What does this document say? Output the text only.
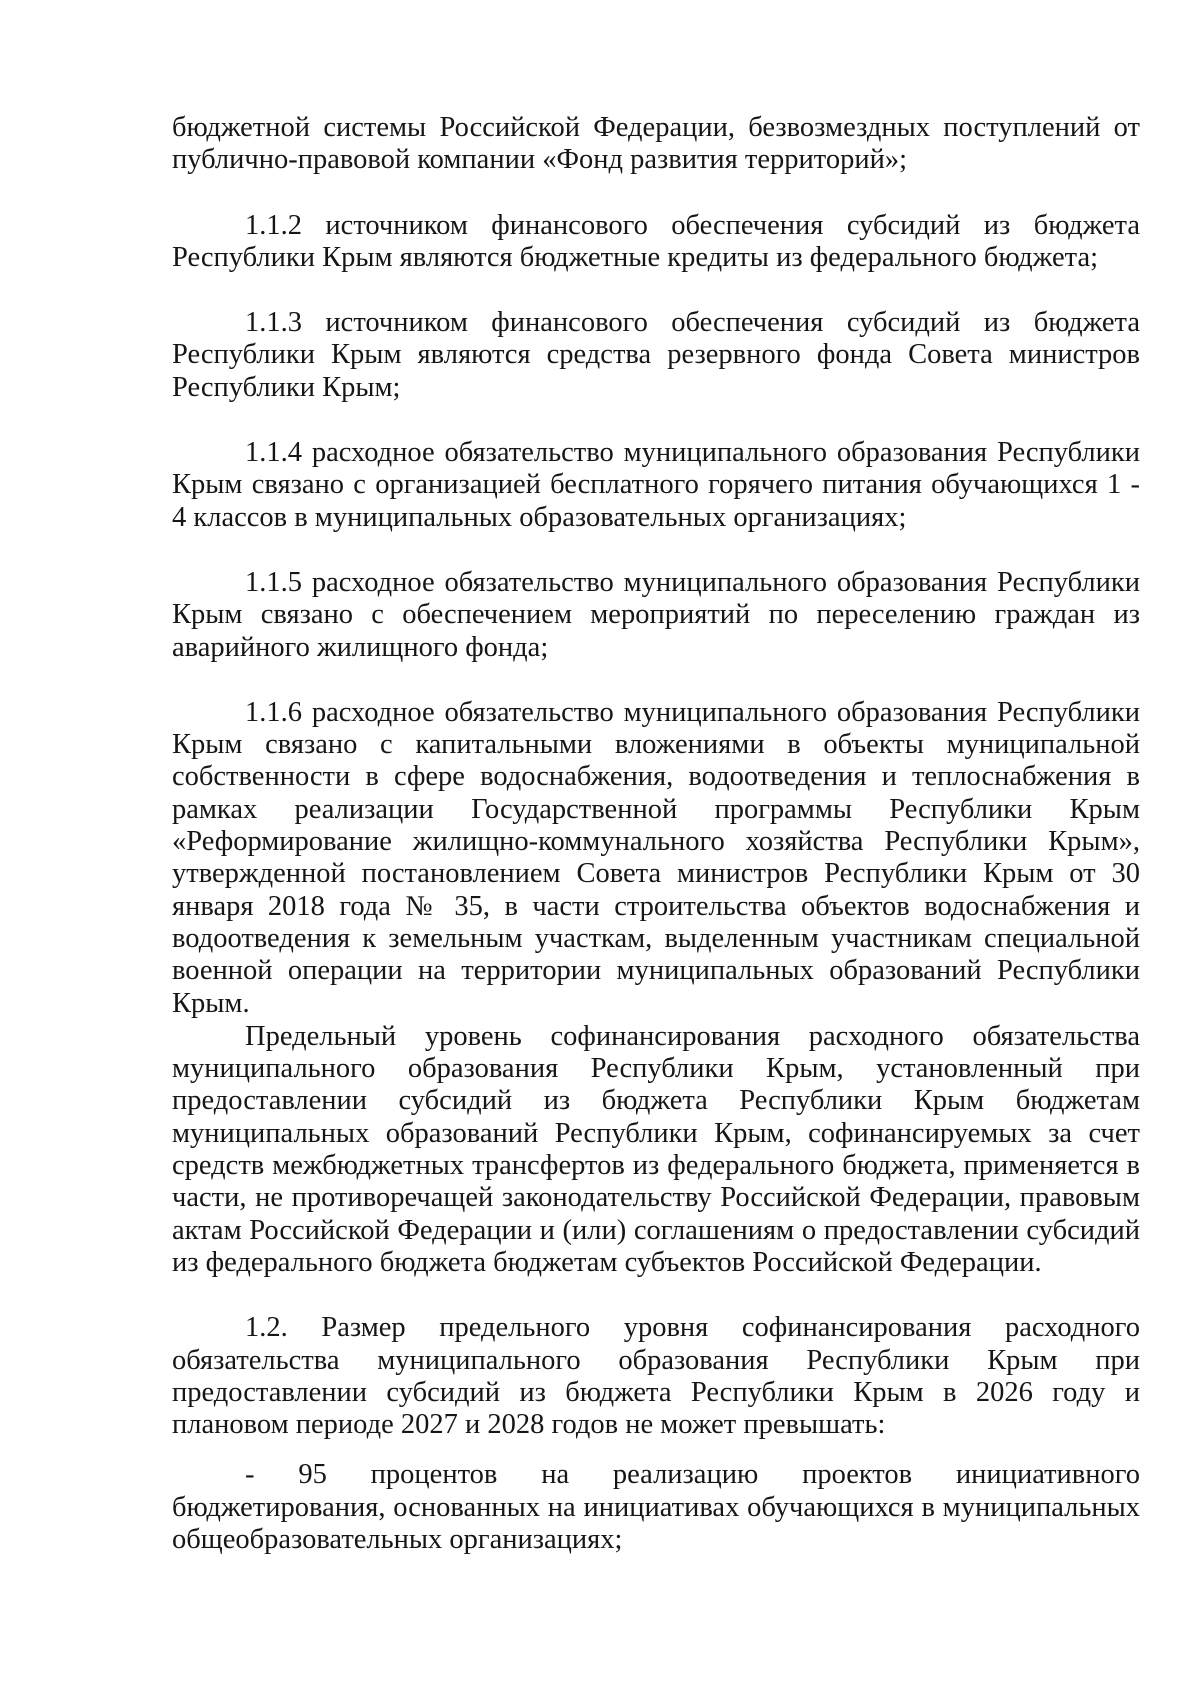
бюджетной системы Российской Федерации, безвозмездных поступлений от публично-правовой компании «Фонд развития территорий»;

1.1.2 источником финансового обеспечения субсидий из бюджета Республики Крым являются бюджетные кредиты из федерального бюджета;

1.1.3 источником финансового обеспечения субсидий из бюджета Республики Крым являются средства резервного фонда Совета министров Республики Крым;

1.1.4 расходное обязательство муниципального образования Республики Крым связано с организацией бесплатного горячего питания обучающихся 1 - 4 классов в муниципальных образовательных организациях;

1.1.5 расходное обязательство муниципального образования Республики Крым связано с обеспечением мероприятий по переселению граждан из аварийного жилищного фонда;

1.1.6 расходное обязательство муниципального образования Республики Крым связано с капитальными вложениями в объекты муниципальной собственности в сфере водоснабжения, водоотведения и теплоснабжения в рамках реализации Государственной программы Республики Крым «Реформирование жилищно-коммунального хозяйства Республики Крым», утвержденной постановлением Совета министров Республики Крым от 30 января 2018 года № 35, в части строительства объектов водоснабжения и водоотведения к земельным участкам, выделенным участникам специальной военной операции на территории муниципальных образований Республики Крым.

Предельный уровень софинансирования расходного обязательства муниципального образования Республики Крым, установленный при предоставлении субсидий из бюджета Республики Крым бюджетам муниципальных образований Республики Крым, софинансируемых за счет средств межбюджетных трансфертов из федерального бюджета, применяется в части, не противоречащей законодательству Российской Федерации, правовым актам Российской Федерации и (или) соглашениям о предоставлении субсидий из федерального бюджета бюджетам субъектов Российской Федерации.

1.2. Размер предельного уровня софинансирования расходного обязательства муниципального образования Республики Крым при предоставлении субсидий из бюджета Республики Крым в 2026 году и плановом периоде 2027 и 2028 годов не может превышать:

- 95 процентов на реализацию проектов инициативного бюджетирования, основанных на инициативах обучающихся в муниципальных общеобразовательных организациях;
